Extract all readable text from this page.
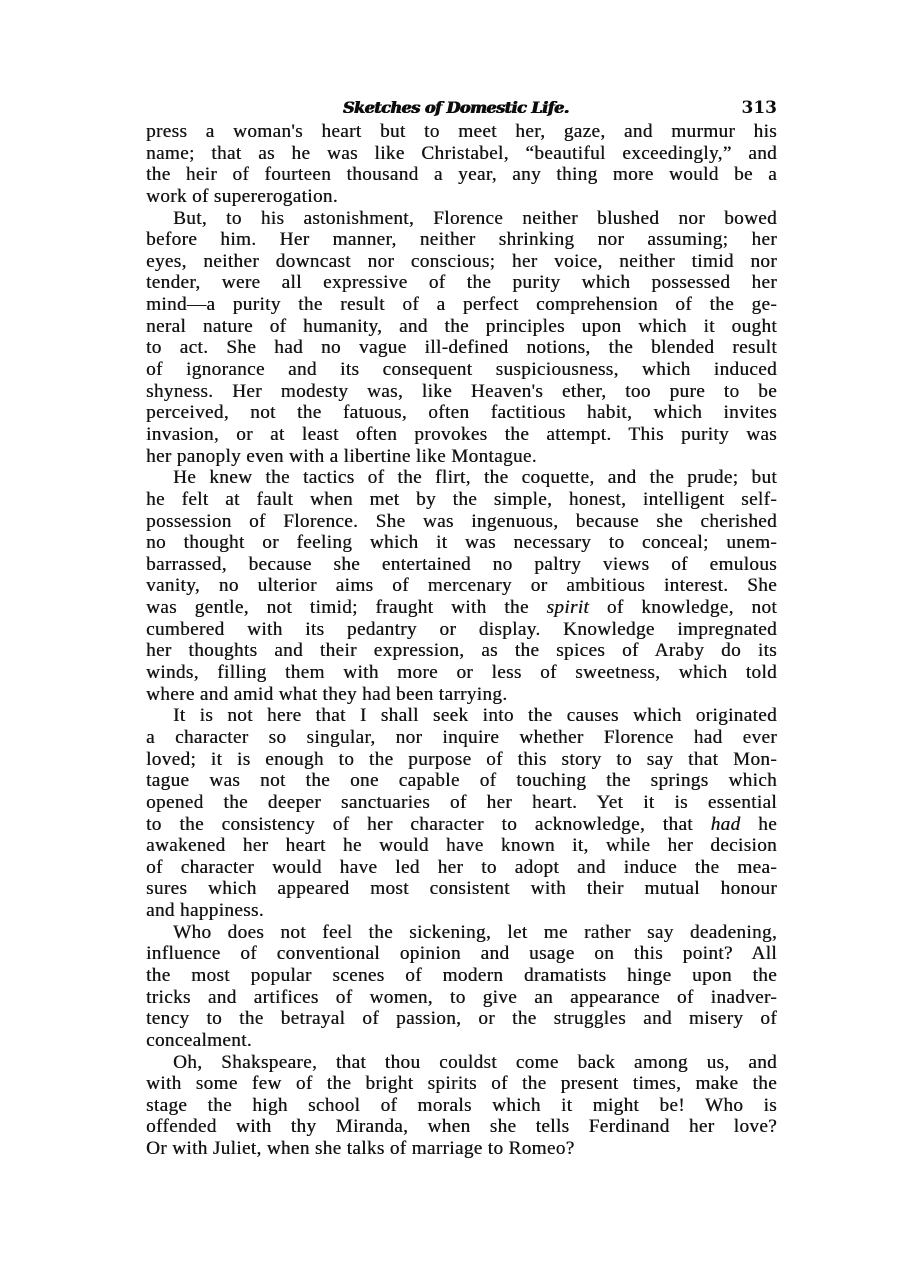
Sketches of Domestic Life.	313
press a woman's heart but to meet her, gaze, and murmur his
name; that as he was like Christabel, “beautiful exceedingly,” and
the heir of fourteen thousand a year, any thing more would be a
work of supererogation.
But, to his astonishment, Florence neither blushed nor bowed
before him. Her manner, neither shrinking nor assuming; her
eyes, neither downcast nor conscious; her voice, neither timid nor
tender, were all expressive of the purity which possessed her
mind—a purity the result of a perfect comprehension of the ge-
neral nature of humanity, and the principles upon which it ought
to act. She had no vague ill-defined notions, the blended result
of ignorance and its consequent suspiciousness, which induced
shyness. Her modesty was, like Heaven's ether, too pure to be
perceived, not the fatuous, often factitious habit, which invites
invasion, or at least often provokes the attempt. This purity was
her panoply even with a libertine like Montague.
He knew the tactics of the flirt, the coquette, and the prude; but
he felt at fault when met by the simple, honest, intelligent self-
possession of Florence. She was ingenuous, because she cherished
no thought or feeling which it was necessary to conceal; unem-
barrassed, because she entertained no paltry views of emulous
vanity, no ulterior aims of mercenary or ambitious interest. She
was gentle, not timid; fraught with the spirit of knowledge, not
cumbered with its pedantry or display. Knowledge impregnated
her thoughts and their expression, as the spices of Araby do its
winds, filling them with more or less of sweetness, which told
where and amid what they had been tarrying.
It is not here that I shall seek into the causes which originated
a character so singular, nor inquire whether Florence had ever
loved; it is enough to the purpose of this story to say that Mon-
tague was not the one capable of touching the springs which
opened the deeper sanctuaries of her heart. Yet it is essential
to the consistency of her character to acknowledge, that had he
awakened her heart he would have known it, while her decision
of character would have led her to adopt and induce the mea-
sures which appeared most consistent with their mutual honour
and happiness.
Who does not feel the sickening, let me rather say deadening,
influence of conventional opinion and usage on this point? All
the most popular scenes of modern dramatists hinge upon the
tricks and artifices of women, to give an appearance of inadver-
tency to the betrayal of passion, or the struggles and misery of
concealment.
Oh, Shakspeare, that thou couldst come back among us, and
with some few of the bright spirits of the present times, make the
stage the high school of morals which it might be! Who is
offended with thy Miranda, when she tells Ferdinand her love?
Or with Juliet, when she talks of marriage to Romeo?
